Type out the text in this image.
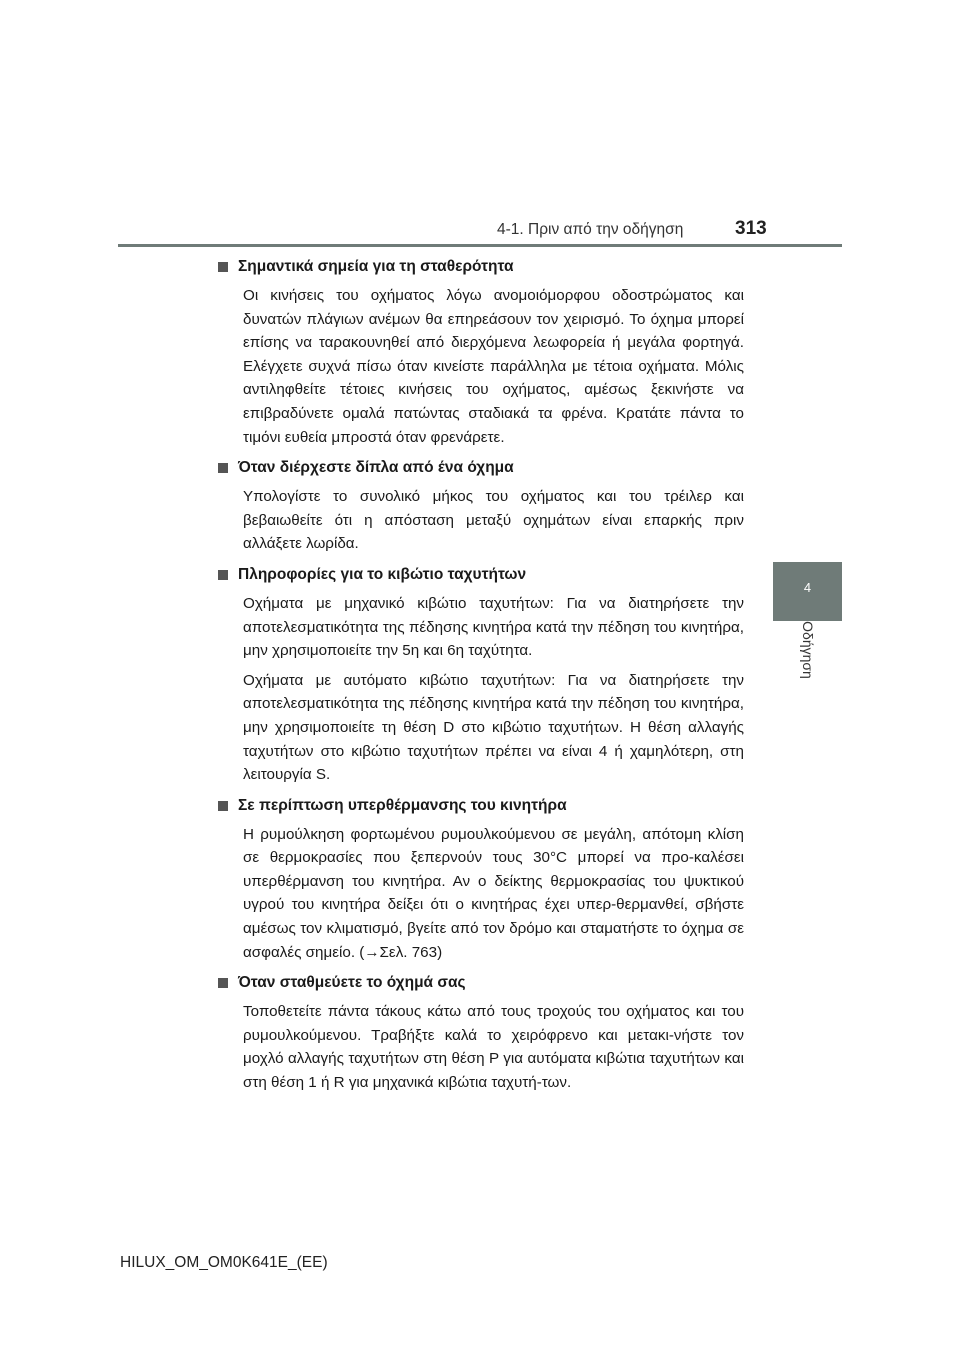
4-1. Πριν από την οδήγηση	313
4
Οδήγηση
Σημαντικά σημεία για τη σταθερότητα

Οι κινήσεις του οχήματος λόγω ανομοιόμορφου οδοστρώματος και δυνατών πλάγιων ανέμων θα επηρεάσουν τον χειρισμό. Το όχημα μπορεί επίσης να ταρακουνηθεί από διερχόμενα λεωφορεία ή μεγάλα φορτηγά. Ελέγχετε συχνά πίσω όταν κινείστε παράλληλα με τέτοια οχήματα. Μόλις αντιληφθείτε τέτοιες κινήσεις του οχήματος, αμέσως ξεκινήστε να επιβραδύνετε ομαλά πατώντας σταδιακά τα φρένα. Κρατάτε πάντα το τιμόνι ευθεία μπροστά όταν φρενάρετε.

Όταν διέρχεστε δίπλα από ένα όχημα

Υπολογίστε το συνολικό μήκος του οχήματος και του τρέιλερ και βεβαιωθείτε ότι η απόσταση μεταξύ οχημάτων είναι επαρκής πριν αλλάξετε λωρίδα.

Πληροφορίες για το κιβώτιο ταχυτήτων

Οχήματα με μηχανικό κιβώτιο ταχυτήτων: Για να διατηρήσετε την αποτελεσματικότητα της πέδησης κινητήρα κατά την πέδηση του κινητήρα, μην χρησιμοποιείτε την 5η και 6η ταχύτητα.

Οχήματα με αυτόματο κιβώτιο ταχυτήτων: Για να διατηρήσετε την αποτελεσματικότητα της πέδησης κινητήρα κατά την πέδηση του κινητήρα, μην χρησιμοποιείτε τη θέση D στο κιβώτιο ταχυτήτων. Η θέση αλλαγής ταχυτήτων στο κιβώτιο ταχυτήτων πρέπει να είναι 4 ή χαμηλότερη, στη λειτουργία S.

Σε περίπτωση υπερθέρμανσης του κινητήρα

Η ρυμούλκηση φορτωμένου ρυμουλκούμενου σε μεγάλη, απότομη κλίση σε θερμοκρασίες που ξεπερνούν τους 30°C μπορεί να προ-καλέσει υπερθέρμανση του κινητήρα. Αν ο δείκτης θερμοκρασίας του ψυκτικού υγρού του κινητήρα δείξει ότι ο κινητήρας έχει υπερ-θερμανθεί, σβήστε αμέσως τον κλιματισμό, βγείτε από τον δρόμο και σταματήστε το όχημα σε ασφαλές σημείο. (→Σελ. 763)

Όταν σταθμεύετε το όχημά σας

Τοποθετείτε πάντα τάκους κάτω από τους τροχούς του οχήματος και του ρυμουλκούμενου. Τραβήξτε καλά το χειρόφρενο και μετακι-νήστε τον μοχλό αλλαγής ταχυτήτων στη θέση P για αυτόματα κιβώτια ταχυτήτων και στη θέση 1 ή R για μηχανικά κιβώτια ταχυτή-των.

HILUX_OM_OM0K641E_(EE)
